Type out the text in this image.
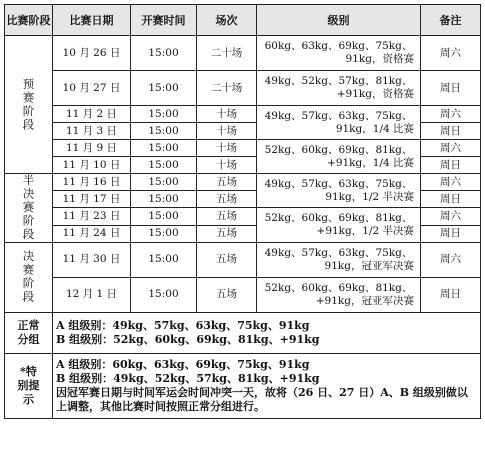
比赛阶段	比赛日期	开赛时间	场次	级别	备注

预赛阶段	10 月 26 日	15:00	二十场	60kg、63kg、69kg、75kg、
91kg，资格赛	周六
	10 月 27 日	15:00	二十场	49kg、52kg、57kg、81kg、
+91kg，资格赛	周日
	11 月 2 日	15:00	十场	49kg、57kg、63kg、75kg、
91kg，1/4 比赛	周六
	11 月 3 日	15:00	十场		周日
	11 月 9 日	15:00	十场	52kg、60kg、69kg、81kg、
+91kg，1/4 比赛	周六
	11 月 10 日	15:00	十场		周日

半决赛阶段	11 月 16 日	15:00	五场	49kg、57kg、63kg、75kg、
91kg，1/2 半决赛	周六
	11 月 17 日	15:00	五场		周日
	11 月 23 日	15:00	五场	52kg、60kg、69kg、81kg、
+91kg，1/2 半决赛	周六
	11 月 24 日	15:00	五场		周日

决赛阶段	11 月 30 日	15:00	五场	49kg、57kg、63kg、75kg、
91kg，冠亚军决赛	周六
	12 月 1 日	15:00	五场	52kg、60kg、69kg、81kg、
+91kg，冠亚军决赛	周日

正常分组	A 组级别：49kg、57kg、63kg、75kg、91kg
B 组级别：52kg、60kg、69kg、81kg、+91kg				

*特别提示	A 组级别：60kg、63kg、69kg、75kg、91kg
B 组级别：49kg、52kg、57kg、81kg、+91kg
因冠军赛日期与时间军运会时间冲突一天，故将（26 日、27 日）A、B 组级别做以上调整，其他比赛时间按照正常分组进行。				
